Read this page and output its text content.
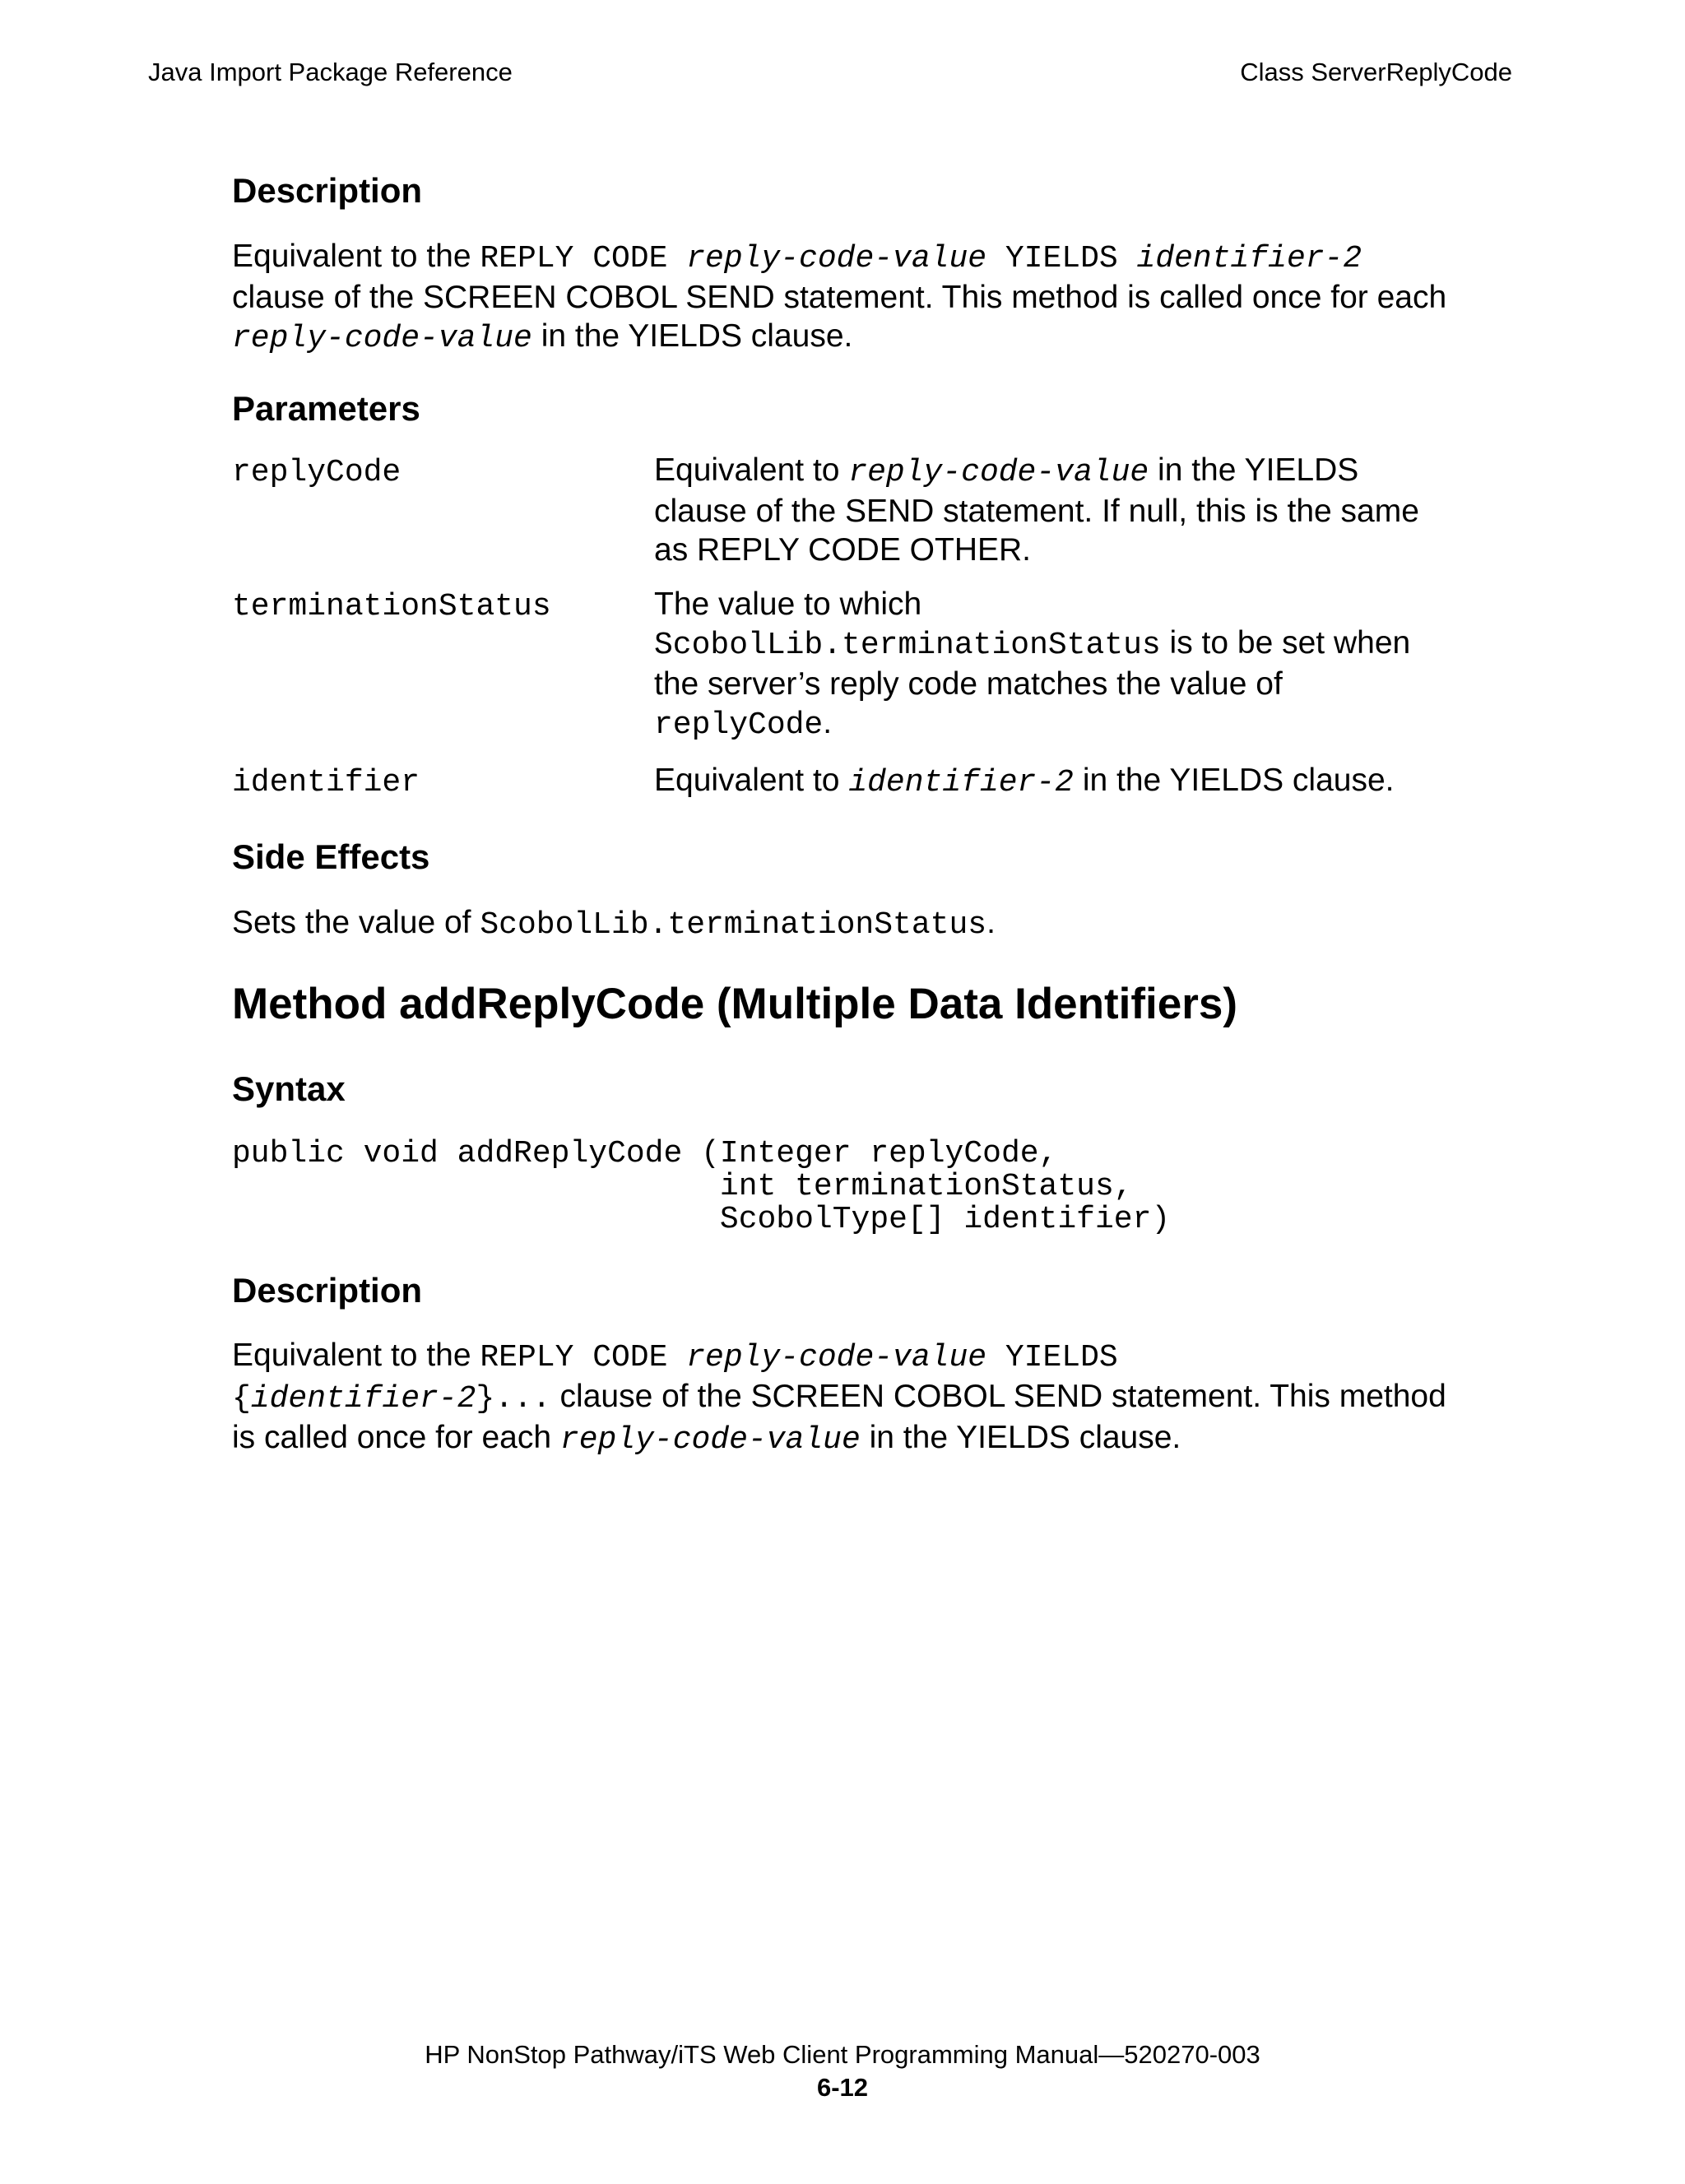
Java Import Package Reference	Class ServerReplyCode
Description
Equivalent to the REPLY CODE reply-code-value YIELDS identifier-2
clause of the SCREEN COBOL SEND statement. This method is called once for each
reply-code-value in the YIELDS clause.
Parameters
replyCode	Equivalent to reply-code-value in the YIELDS
clause of the SEND statement. If null, this is the same
as REPLY CODE OTHER.
terminationStatus	The value to which
ScobolLib.terminationStatus is to be set when
the server’s reply code matches the value of
replyCode.
identifier	Equivalent to identifier-2 in the YIELDS clause.
Side Effects
Sets the value of ScobolLib.terminationStatus.
Method addReplyCode (Multiple Data Identifiers)
Syntax
public void addReplyCode (Integer replyCode,
int terminationStatus,
ScobolType[] identifier)
Description
Equivalent to the REPLY CODE reply-code-value YIELDS
{identifier-2}... clause of the SCREEN COBOL SEND statement. This method
is called once for each reply-code-value in the YIELDS clause.
HP NonStop Pathway/iTS Web Client Programming Manual—520270-003
6-12
